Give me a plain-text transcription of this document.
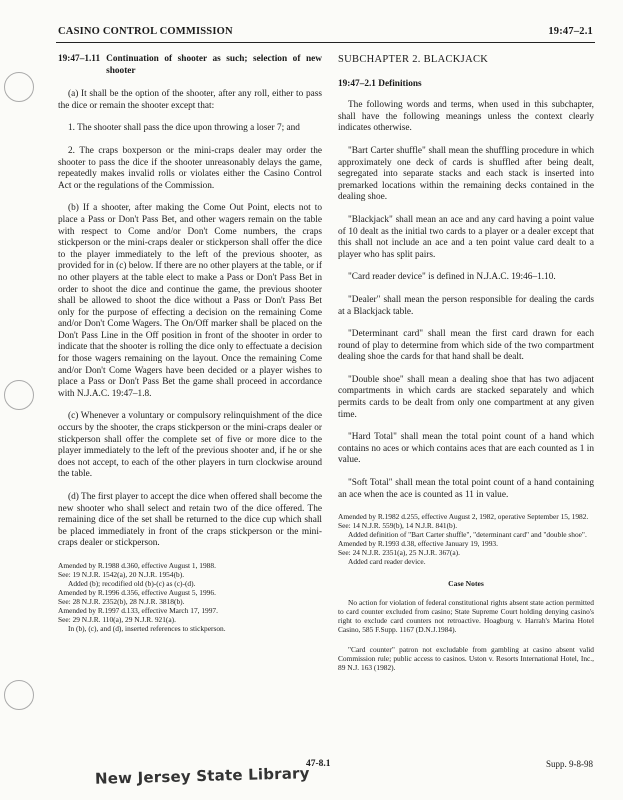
CASINO CONTROL COMMISSION	19:47–2.1
19:47–1.11 Continuation of shooter as such; selection of new shooter

(a) It shall be the option of the shooter, after any roll, either to pass the dice or remain the shooter except that:

1. The shooter shall pass the dice upon throwing a loser 7; and

2. The craps boxperson or the mini-craps dealer may order the shooter to pass the dice if the shooter unreasonably delays the game, repeatedly makes invalid rolls or violates either the Casino Control Act or the regulations of the Commission.

(b) If a shooter, after making the Come Out Point, elects not to place a Pass or Don't Pass Bet, and other wagers remain on the table with respect to Come and/or Don't Come numbers, the craps stickperson or the mini-craps dealer or stickperson shall offer the dice to the player immediately to the left of the previous shooter, as provided for in (c) below. If there are no other players at the table, or if no other players at the table elect to make a Pass or Don't Pass Bet in order to shoot the dice and continue the game, the previous shooter shall be allowed to shoot the dice without a Pass or Don't Pass Bet only for the purpose of effecting a decision on the remaining Come and/or Don't Come Wagers. The On/Off marker shall be placed on the Don't Pass Line in the Off position in front of the shooter in order to indicate that the shooter is rolling the dice only to effectuate a decision for those wagers remaining on the layout. Once the remaining Come and/or Don't Come Wagers have been decided or a player wishes to place a Pass or Don't Pass Bet the game shall proceed in accordance with N.J.A.C. 19:47–1.8.

(c) Whenever a voluntary or compulsory relinquishment of the dice occurs by the shooter, the craps stickperson or the mini-craps dealer or stickperson shall offer the complete set of five or more dice to the player immediately to the left of the previous shooter and, if he or she does not accept, to each of the other players in turn clockwise around the table.

(d) The first player to accept the dice when offered shall become the new shooter who shall select and retain two of the dice offered. The remaining dice of the set shall be returned to the dice cup which shall be placed immediately in front of the craps stickperson or the mini-craps dealer or stickperson.

Amended by R.1988 d.360, effective August 1, 1988.
See: 19 N.J.R. 1542(a), 20 N.J.R. 1954(b).
Added (b); recodified old (b)-(c) as (c)-(d).
Amended by R.1996 d.356, effective August 5, 1996.
See: 28 N.J.R. 2352(b), 28 N.J.R. 3818(b).
Amended by R.1997 d.133, effective March 17, 1997.
See: 29 N.J.R. 110(a), 29 N.J.R. 921(a).
In (b), (c), and (d), inserted references to stickperson.
SUBCHAPTER 2. BLACKJACK
19:47–2.1 Definitions

The following words and terms, when used in this subchapter, shall have the following meanings unless the context clearly indicates otherwise.

"Bart Carter shuffle" shall mean the shuffling procedure in which approximately one deck of cards is shuffled after being dealt, segregated into separate stacks and each stack is inserted into premarked locations within the remaining decks contained in the dealing shoe.

"Blackjack" shall mean an ace and any card having a point value of 10 dealt as the initial two cards to a player or a dealer except that this shall not include an ace and a ten point value card dealt to a player who has split pairs.

"Card reader device" is defined in N.J.A.C. 19:46–1.10.

"Dealer" shall mean the person responsible for dealing the cards at a Blackjack table.

"Determinant card" shall mean the first card drawn for each round of play to determine from which side of the two compartment dealing shoe the cards for that hand shall be dealt.

"Double shoe" shall mean a dealing shoe that has two adjacent compartments in which cards are stacked separately and which permits cards to be dealt from only one compartment at any given time.

"Hard Total" shall mean the total point count of a hand which contains no aces or which contains aces that are each counted as 1 in value.

"Soft Total" shall mean the total point count of a hand containing an ace when the ace is counted as 11 in value.

Amended by R.1982 d.255, effective August 2, 1982, operative September 15, 1982.
See: 14 N.J.R. 559(b), 14 N.J.R. 841(b).
Added definition of "Bart Carter shuffle", "determinant card" and "double shoe".
Amended by R.1993 d.38, effective January 19, 1993.
See: 24 N.J.R. 2351(a), 25 N.J.R. 367(a).
Added card reader device.
Case Notes

No action for violation of federal constitutional rights absent state action permitted to card counter excluded from casino; State Supreme Court holding denying casino's right to exclude card counters not retroactive. Hoagburg v. Harrah's Marina Hotel Casino, 585 F.Supp. 1167 (D.N.J.1984).

"Card counter" patron not excludable from gambling at casino absent valid Commission rule; public access to casinos. Uston v. Resorts International Hotel, Inc., 89 N.J. 163 (1982).

New Jersey State Library
47-8.1	Supp. 9-8-98
